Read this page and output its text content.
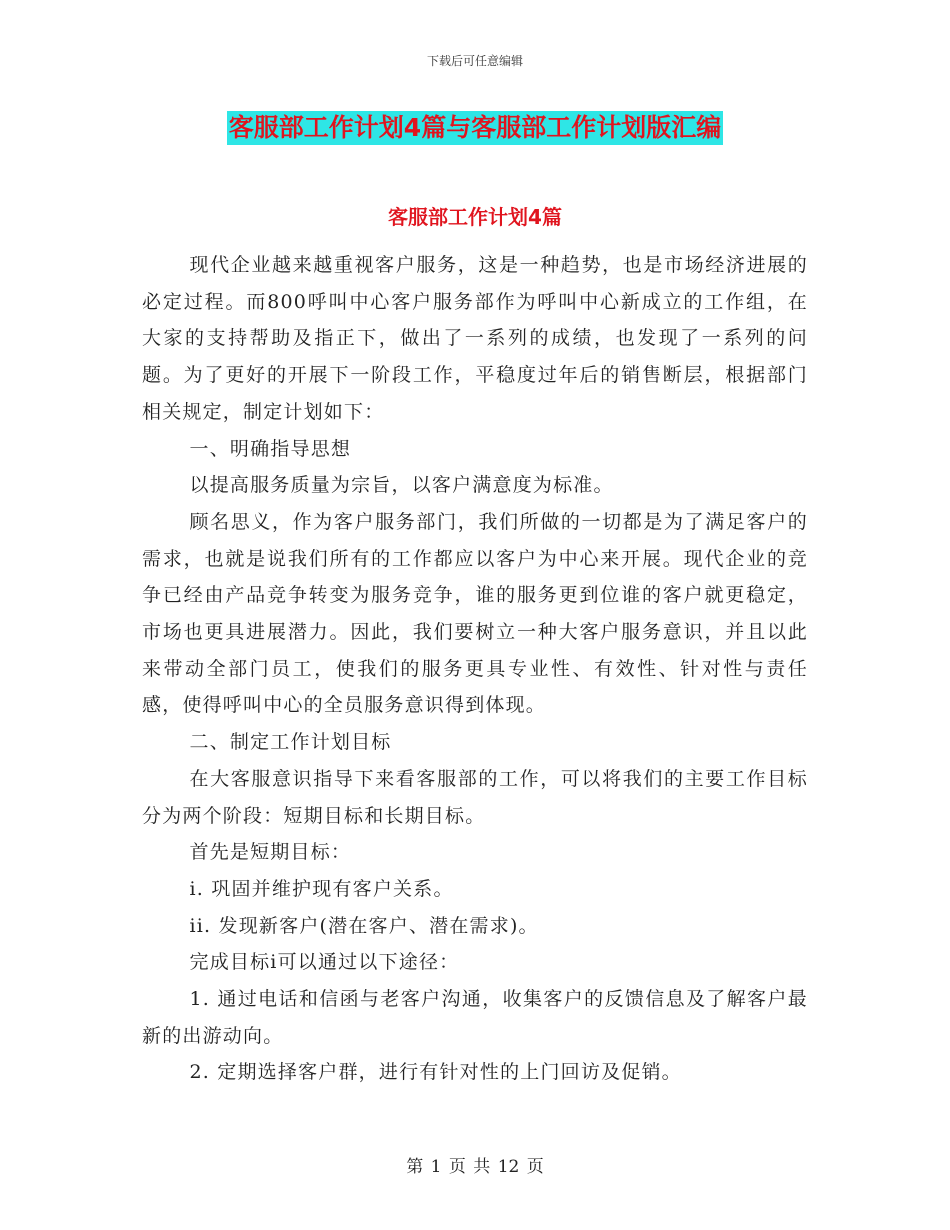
下载后可任意编辑
客服部工作计划4篇与客服部工作计划版汇编
客服部工作计划4篇

现代企业越来越重视客户服务，这是一种趋势，也是市场经济进展的必定过程。而800呼叫中心客户服务部作为呼叫中心新成立的工作组，在大家的支持帮助及指正下，做出了一系列的成绩，也发现了一系列的问题。为了更好的开展下一阶段工作，平稳度过年后的销售断层，根据部门相关规定，制定计划如下：

一、明确指导思想

以提高服务质量为宗旨，以客户满意度为标准。

顾名思义，作为客户服务部门，我们所做的一切都是为了满足客户的需求，也就是说我们所有的工作都应以客户为中心来开展。现代企业的竞争已经由产品竞争转变为服务竞争，谁的服务更到位谁的客户就更稳定，市场也更具进展潜力。因此，我们要树立一种大客户服务意识，并且以此来带动全部门员工，使我们的服务更具专业性、有效性、针对性与责任感，使得呼叫中心的全员服务意识得到体现。

二、制定工作计划目标

在大客服意识指导下来看客服部的工作，可以将我们的主要工作目标分为两个阶段：短期目标和长期目标。

首先是短期目标：

i. 巩固并维护现有客户关系。

ii. 发现新客户(潜在客户、潜在需求)。

完成目标i可以通过以下途径：

1. 通过电话和信函与老客户沟通，收集客户的反馈信息及了解客户最新的出游动向。

2. 定期选择客户群，进行有针对性的上门回访及促销。

第 1 页 共 12 页
